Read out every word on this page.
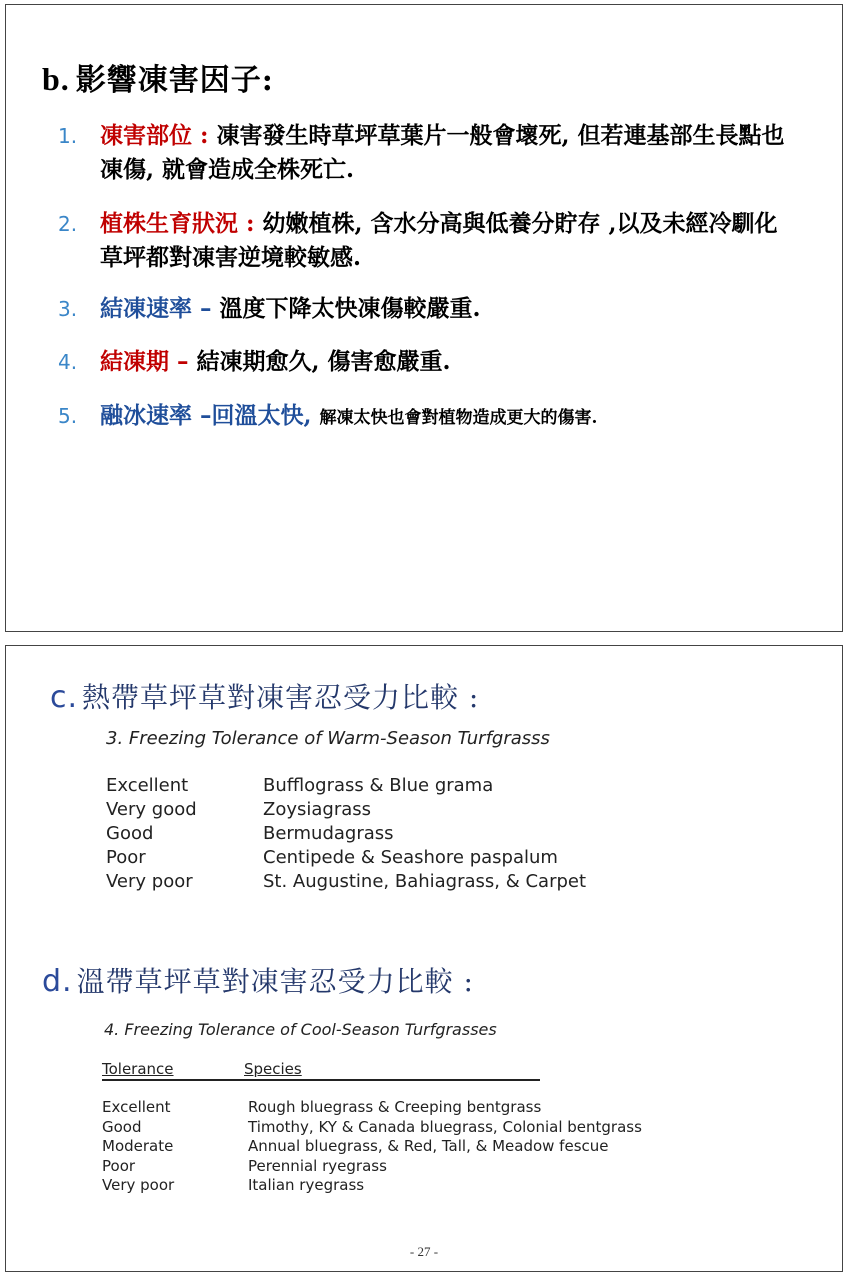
b. 影響凍害因子:
1. 凍害部位 : 凍害發生時草坪草葉片一般會壞死, 但若連基部生長點也凍傷, 就會造成全株死亡.
2. 植株生育狀況 : 幼嫩植株, 含水分高與低養分貯存 ,以及未經冷馴化草坪都對凍害逆境較敏感.
3. 結凍速率 – 溫度下降太快凍傷較嚴重.
4. 結凍期 – 結凍期愈久, 傷害愈嚴重.
5. 融冰速率 –回溫太快, 解凍太快也會對植物造成更大的傷害.
c. 熱帶草坪草對凍害忍受力比較 :
3. Freezing Tolerance of Warm-Season Turfgrasss
Excellent	Bufflograss & Blue grama
Very good	Zoysiagrass
Good	Bermudagrass
Poor	Centipede & Seashore paspalum
Very poor	St. Augustine, Bahiagrass, & Carpet
d. 溫帶草坪草對凍害忍受力比較 :
4. Freezing Tolerance of Cool-Season Turfgrasses
Tolerance	Species
Excellent	Rough bluegrass & Creeping bentgrass
Good	Timothy, KY & Canada bluegrass, Colonial bentgrass
Moderate	Annual bluegrass, & Red, Tall, & Meadow fescue
Poor	Perennial ryegrass
Very poor	Italian ryegrass
- 27 -
